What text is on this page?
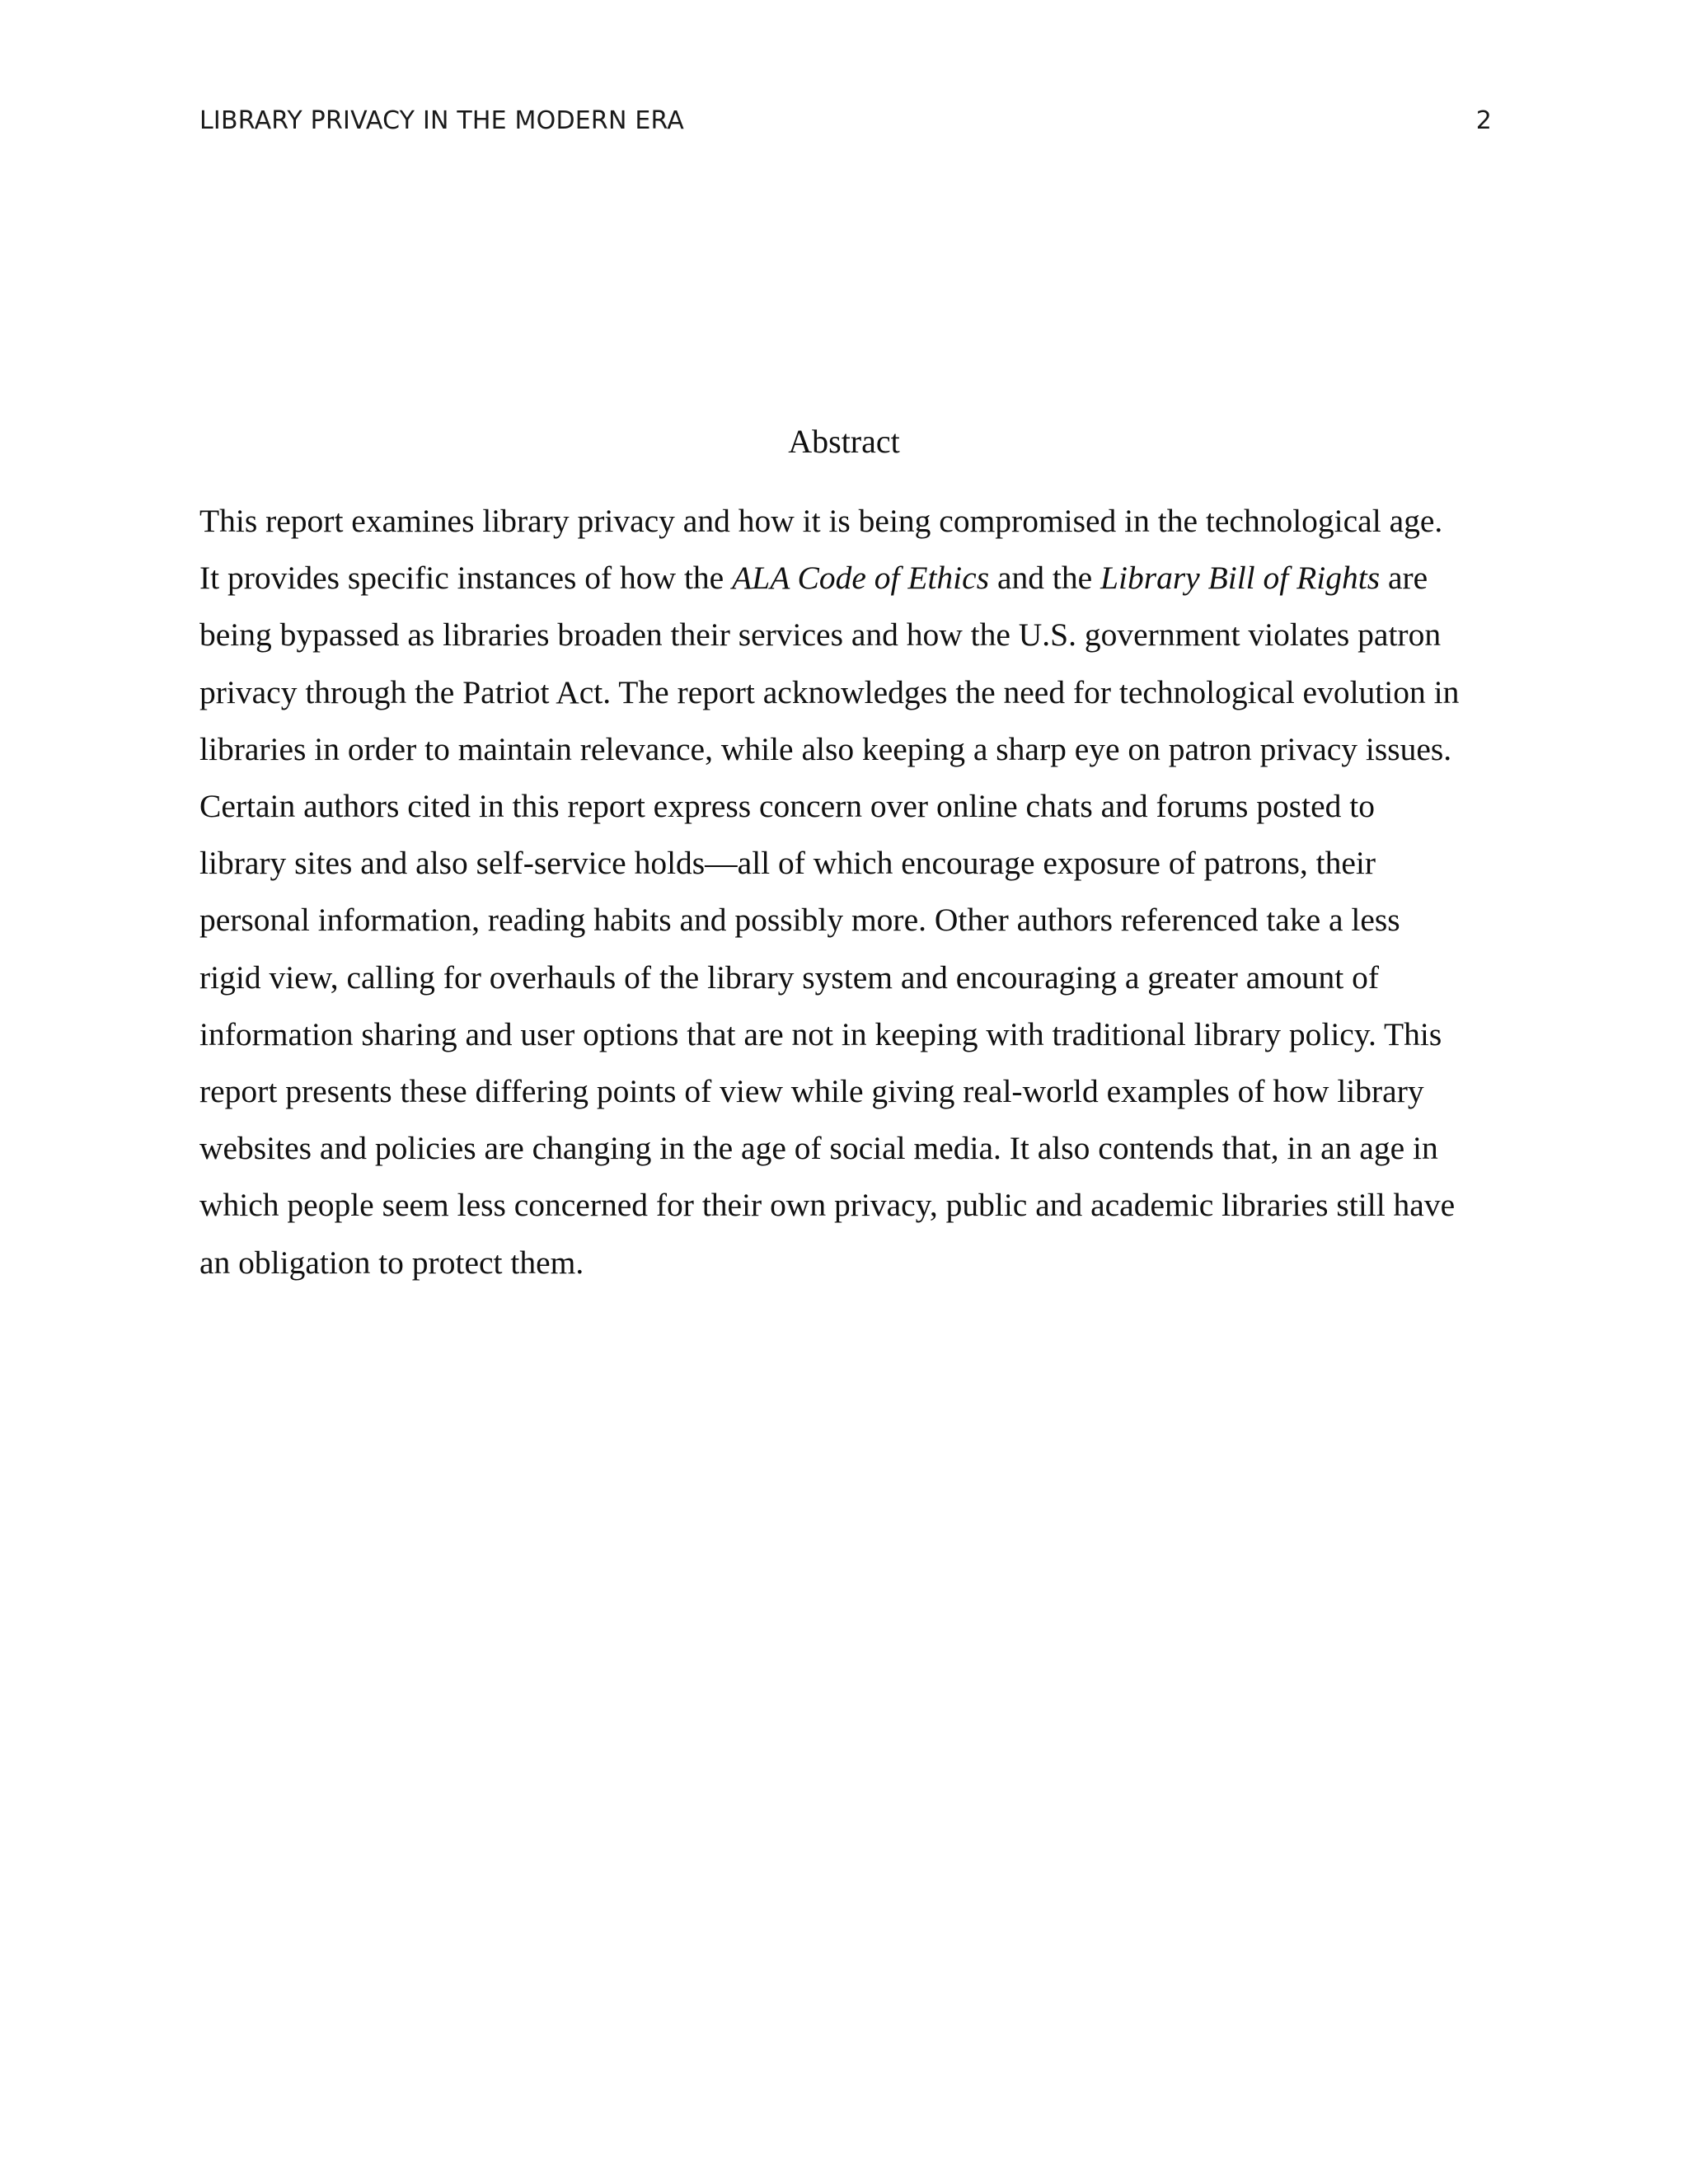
LIBRARY PRIVACY IN THE MODERN ERA	2
Abstract
This report examines library privacy and how it is being compromised in the technological age.
It provides specific instances of how the ALA Code of Ethics and the Library Bill of Rights are
being bypassed as libraries broaden their services and how the U.S. government violates patron
privacy through the Patriot Act. The report acknowledges the need for technological evolution in
libraries in order to maintain relevance, while also keeping a sharp eye on patron privacy issues.
Certain authors cited in this report express concern over online chats and forums posted to
library sites and also self-service holds—all of which encourage exposure of patrons, their
personal information, reading habits and possibly more. Other authors referenced take a less
rigid view, calling for overhauls of the library system and encouraging a greater amount of
information sharing and user options that are not in keeping with traditional library policy. This
report presents these differing points of view while giving real-world examples of how library
websites and policies are changing in the age of social media. It also contends that, in an age in
which people seem less concerned for their own privacy, public and academic libraries still have
an obligation to protect them.
